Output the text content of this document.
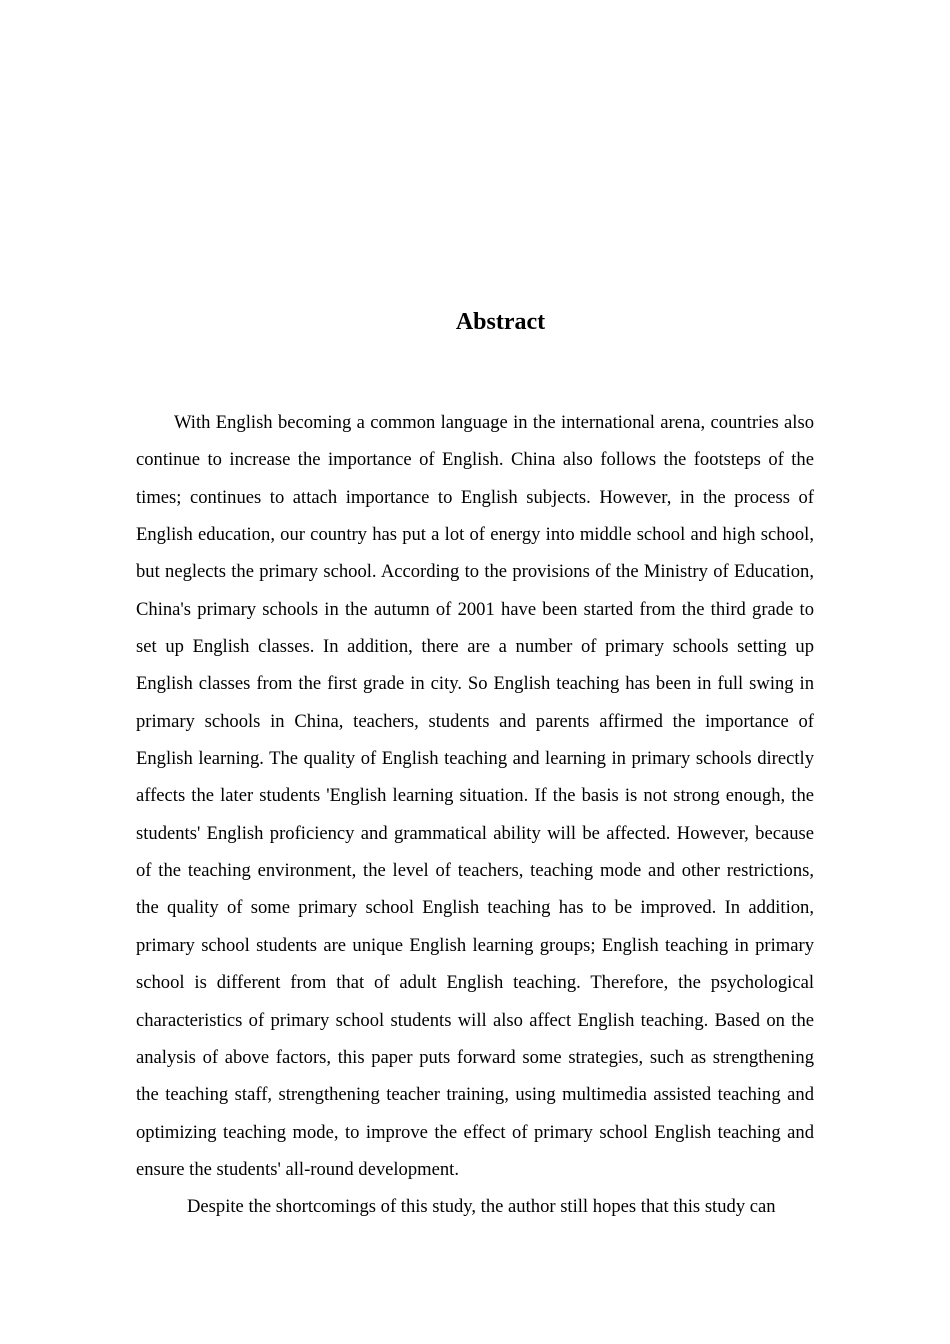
Abstract

With English becoming a common language in the international arena, countries also continue to increase the importance of English. China also follows the footsteps of the times; continues to attach importance to English subjects. However, in the process of English education, our country has put a lot of energy into middle school and high school, but neglects the primary school. According to the provisions of the Ministry of Education, China's primary schools in the autumn of 2001 have been started from the third grade to set up English classes. In addition, there are a number of primary schools setting up English classes from the first grade in city. So English teaching has been in full swing in primary schools in China, teachers, students and parents affirmed the importance of English learning. The quality of English teaching and learning in primary schools directly affects the later students 'English learning situation. If the basis is not strong enough, the students' English proficiency and grammatical ability will be affected. However, because of the teaching environment, the level of teachers, teaching mode and other restrictions, the quality of some primary school English teaching has to be improved. In addition, primary school students are unique English learning groups; English teaching in primary school is different from that of adult English teaching. Therefore, the psychological characteristics of primary school students will also affect English teaching. Based on the analysis of above factors, this paper puts forward some strategies, such as strengthening the teaching staff, strengthening teacher training, using multimedia assisted teaching and optimizing teaching mode, to improve the effect of primary school English teaching and ensure the students' all-round development.

Despite the shortcomings of this study, the author still hopes that this study can
